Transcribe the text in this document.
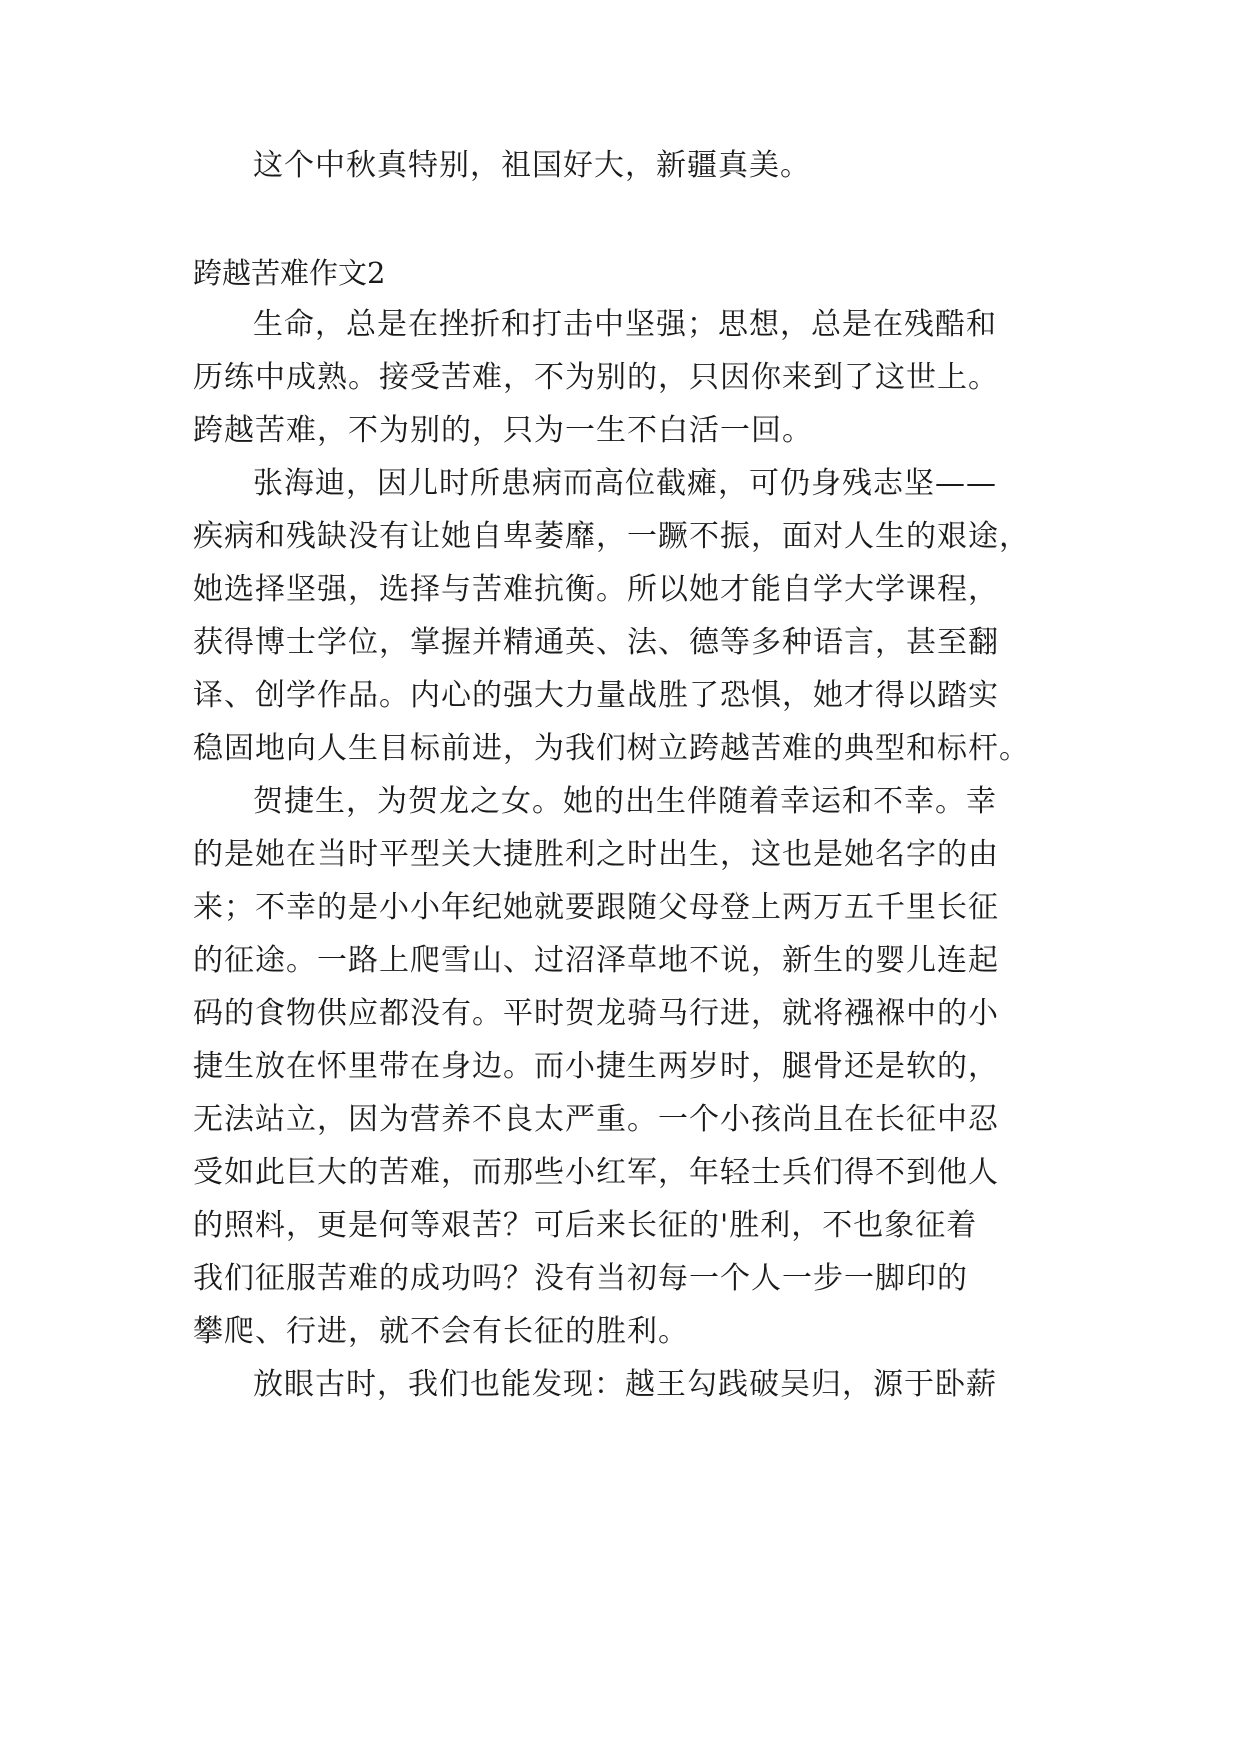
这个中秋真特别，祖国好大，新疆真美。
跨越苦难作文2
生命，总是在挫折和打击中坚强；思想，总是在残酷和
历练中成熟。接受苦难，不为别的，只因你来到了这世上。
跨越苦难，不为别的，只为一生不白活一回。
张海迪，因儿时所患病而高位截瘫，可仍身残志坚——
疾病和残缺没有让她自卑萎靡，一蹶不振，面对人生的艰途，
她选择坚强，选择与苦难抗衡。所以她才能自学大学课程，
获得博士学位，掌握并精通英、法、德等多种语言，甚至翻
译、创学作品。内心的强大力量战胜了恐惧，她才得以踏实
稳固地向人生目标前进，为我们树立跨越苦难的典型和标杆。
贺捷生，为贺龙之女。她的出生伴随着幸运和不幸。幸
的是她在当时平型关大捷胜利之时出生，这也是她名字的由
来；不幸的是小小年纪她就要跟随父母登上两万五千里长征
的征途。一路上爬雪山、过沼泽草地不说，新生的婴儿连起
码的食物供应都没有。平时贺龙骑马行进，就将襁褓中的小
捷生放在怀里带在身边。而小捷生两岁时，腿骨还是软的，
无法站立，因为营养不良太严重。一个小孩尚且在长征中忍
受如此巨大的苦难，而那些小红军，年轻士兵们得不到他人
的照料，更是何等艰苦？可后来长征的'胜利，不也象征着
我们征服苦难的成功吗？没有当初每一个人一步一脚印的
攀爬、行进，就不会有长征的胜利。
放眼古时，我们也能发现：越王勾践破吴归，源于卧薪
